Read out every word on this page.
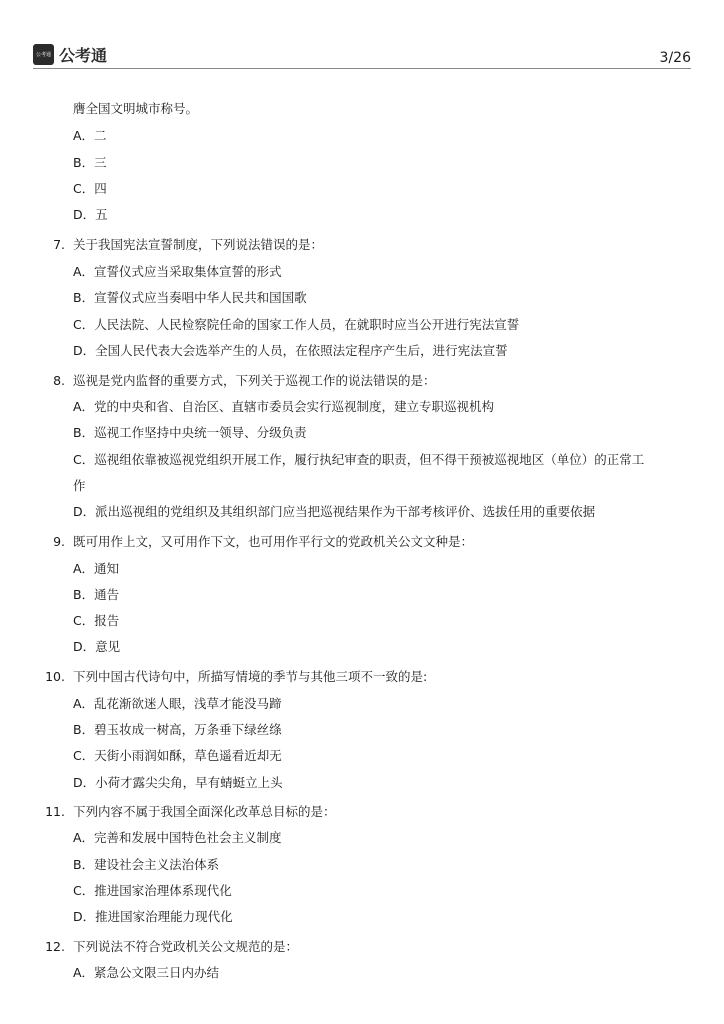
公考通 公考通	3/26
膺全国文明城市称号。
A．二
B．三
C．四
D．五
7. 关于我国宪法宣誓制度，下列说法错误的是：
A．宣誓仪式应当采取集体宣誓的形式
B．宣誓仪式应当奏唱中华人民共和国国歌
C．人民法院、人民检察院任命的国家工作人员，在就职时应当公开进行宪法宣誓
D．全国人民代表大会选举产生的人员，在依照法定程序产生后，进行宪法宣誓
8. 巡视是党内监督的重要方式，下列关于巡视工作的说法错误的是：
A．党的中央和省、自治区、直辖市委员会实行巡视制度，建立专职巡视机构
B．巡视工作坚持中央统一领导、分级负责
C．巡视组依靠被巡视党组织开展工作，履行执纪审查的职责，但不得干预被巡视地区（单位）的正常工
作
D．派出巡视组的党组织及其组织部门应当把巡视结果作为干部考核评价、选拔任用的重要依据
9. 既可用作上文，又可用作下文，也可用作平行文的党政机关公文文种是：
A．通知
B．通告
C．报告
D．意见
10. 下列中国古代诗句中，所描写情境的季节与其他三项不一致的是:
A．乱花渐欲迷人眼，浅草才能没马蹄
B．碧玉妆成一树高，万条垂下绿丝绦
C．天街小雨润如酥，草色遥看近却无
D．小荷才露尖尖角，早有蜻蜓立上头
11. 下列内容不属于我国全面深化改革总目标的是：
A．完善和发展中国特色社会主义制度
B．建设社会主义法治体系
C．推进国家治理体系现代化
D．推进国家治理能力现代化
12. 下列说法不符合党政机关公文规范的是：
A．紧急公文限三日内办结
